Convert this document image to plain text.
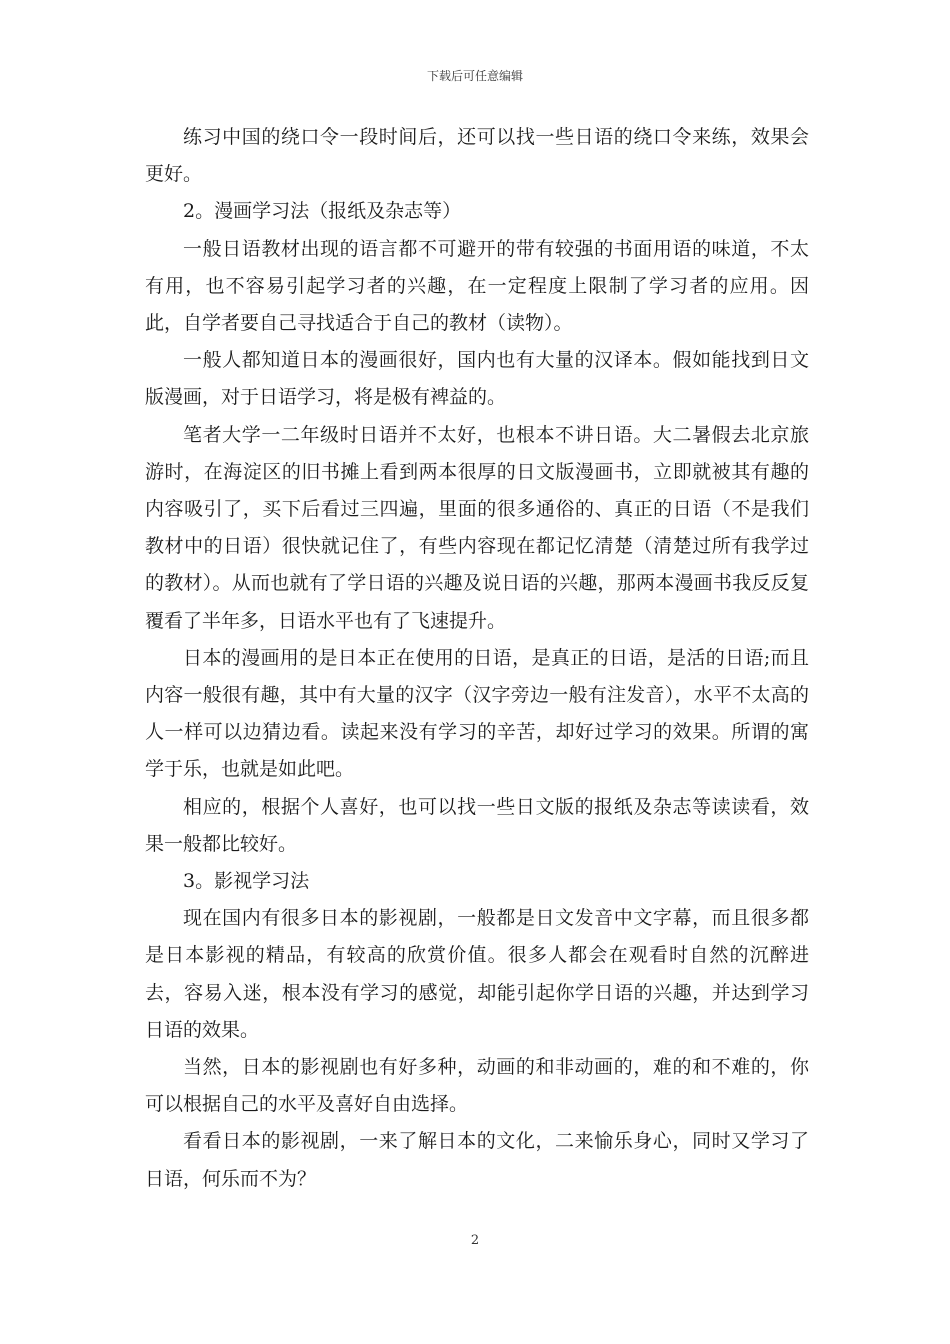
下载后可任意编辑

练习中国的绕口令一段时间后，还可以找一些日语的绕口令来练，效果会更好。

2。漫画学习法（报纸及杂志等）

一般日语教材出现的语言都不可避开的带有较强的书面用语的味道，不太有用，也不容易引起学习者的兴趣，在一定程度上限制了学习者的应用。因此，自学者要自己寻找适合于自己的教材（读物）。

一般人都知道日本的漫画很好，国内也有大量的汉译本。假如能找到日文版漫画，对于日语学习，将是极有裨益的。

笔者大学一二年级时日语并不太好，也根本不讲日语。大二暑假去北京旅游时，在海淀区的旧书摊上看到两本很厚的日文版漫画书，立即就被其有趣的内容吸引了，买下后看过三四遍，里面的很多通俗的、真正的日语（不是我们教材中的日语）很快就记住了，有些内容现在都记忆清楚（清楚过所有我学过的教材）。从而也就有了学日语的兴趣及说日语的兴趣，那两本漫画书我反反复覆看了半年多，日语水平也有了飞速提升。

日本的漫画用的是日本正在使用的日语，是真正的日语，是活的日语;而且内容一般很有趣，其中有大量的汉字（汉字旁边一般有注发音），水平不太高的人一样可以边猜边看。读起来没有学习的辛苦，却好过学习的效果。所谓的寓学于乐，也就是如此吧。

相应的，根据个人喜好，也可以找一些日文版的报纸及杂志等读读看，效果一般都比较好。

3。影视学习法

现在国内有很多日本的影视剧，一般都是日文发音中文字幕，而且很多都是日本影视的精品，有较高的欣赏价值。很多人都会在观看时自然的沉醉进去，容易入迷，根本没有学习的感觉，却能引起你学日语的兴趣，并达到学习日语的效果。

当然，日本的影视剧也有好多种，动画的和非动画的，难的和不难的，你可以根据自己的水平及喜好自由选择。

看看日本的影视剧，一来了解日本的文化，二来愉乐身心，同时又学习了日语，何乐而不为？

2
